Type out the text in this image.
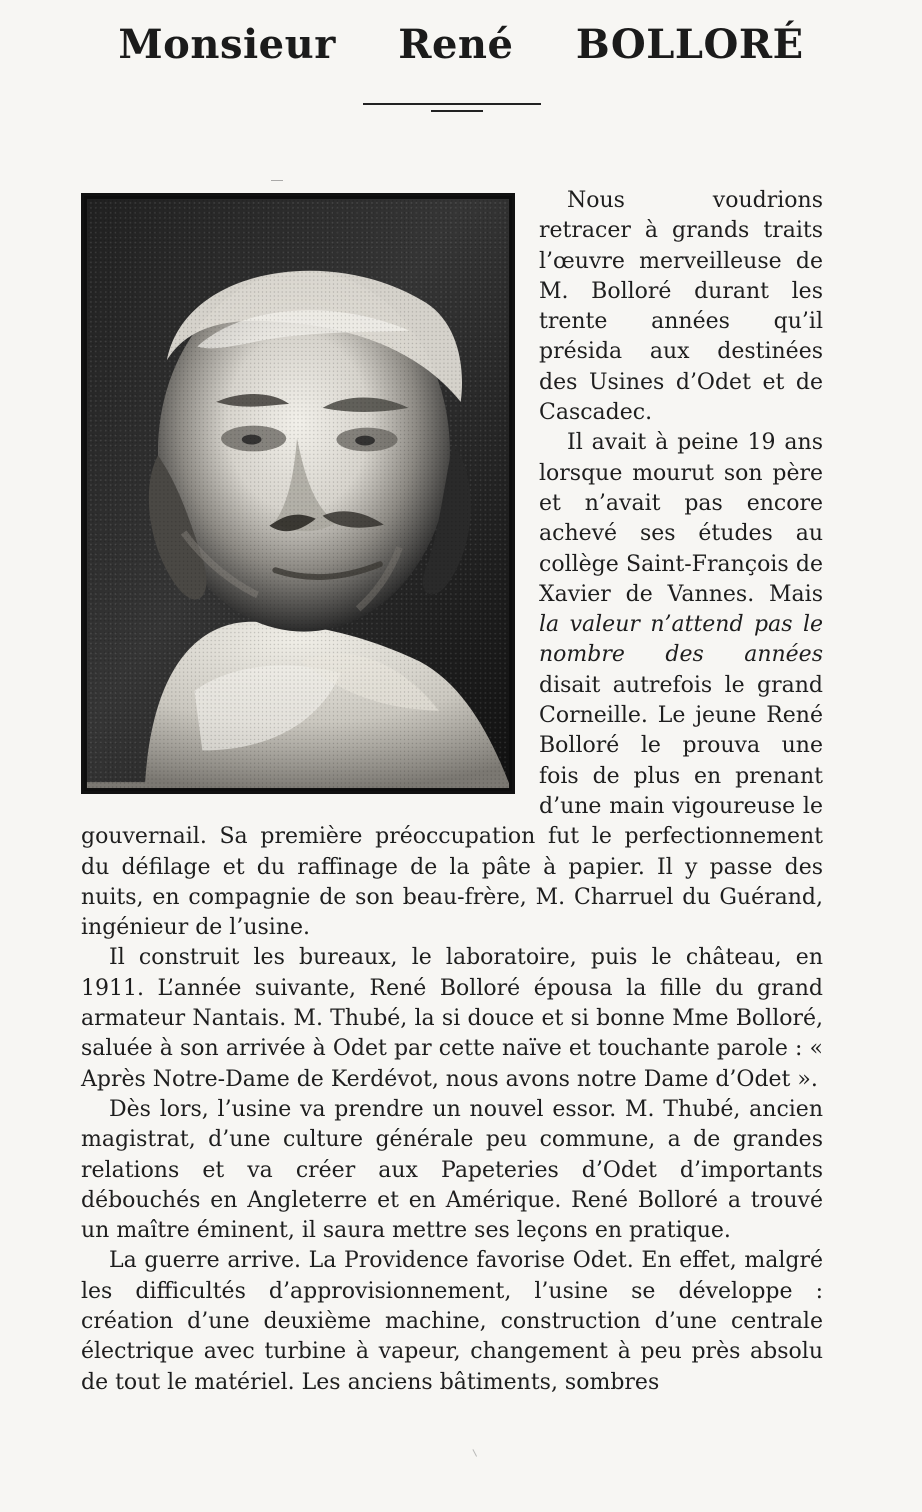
Monsieur René BOLLORÉ

Nous voudrions retracer à grands traits l’œuvre merveilleuse de M. Bolloré durant les trente années qu’il présida aux destinées des Usines d’Odet et de Cascadec.

Il avait à peine 19 ans lorsque mourut son père et n’avait pas encore achevé ses études au collège Saint-François de Xavier de Vannes. Mais la valeur n’attend pas le nombre des années disait autrefois le grand Corneille. Le jeune René Bolloré le prouva une fois de plus en prenant d’une main vigoureuse le gouvernail. Sa première préoccupation fut le perfectionnement du défilage et du raffinage de la pâte à papier. Il y passe des nuits, en compagnie de son beau-frère, M. Charruel du Guérand, ingénieur de l’usine.

Il construit les bureaux, le laboratoire, puis le château, en 1911. L’année suivante, René Bolloré épousa la fille du grand armateur Nantais. M. Thubé, la si douce et si bonne Mme Bolloré, saluée à son arrivée à Odet par cette naïve et touchante parole : « Après Notre-Dame de Kerdévot, nous avons notre Dame d’Odet ».

Dès lors, l’usine va prendre un nouvel essor. M. Thubé, ancien magistrat, d’une culture générale peu commune, a de grandes relations et va créer aux Papeteries d’Odet d’importants débouchés en Angleterre et en Amérique. René Bolloré a trouvé un maître éminent, il saura mettre ses leçons en pratique.

La guerre arrive. La Providence favorise Odet. En effet, malgré les difficultés d’approvisionnement, l’usine se développe : création d’une deuxième machine, construction d’une centrale électrique avec turbine à vapeur, changement à peu près absolu de tout le matériel. Les anciens bâtiments, sombres
